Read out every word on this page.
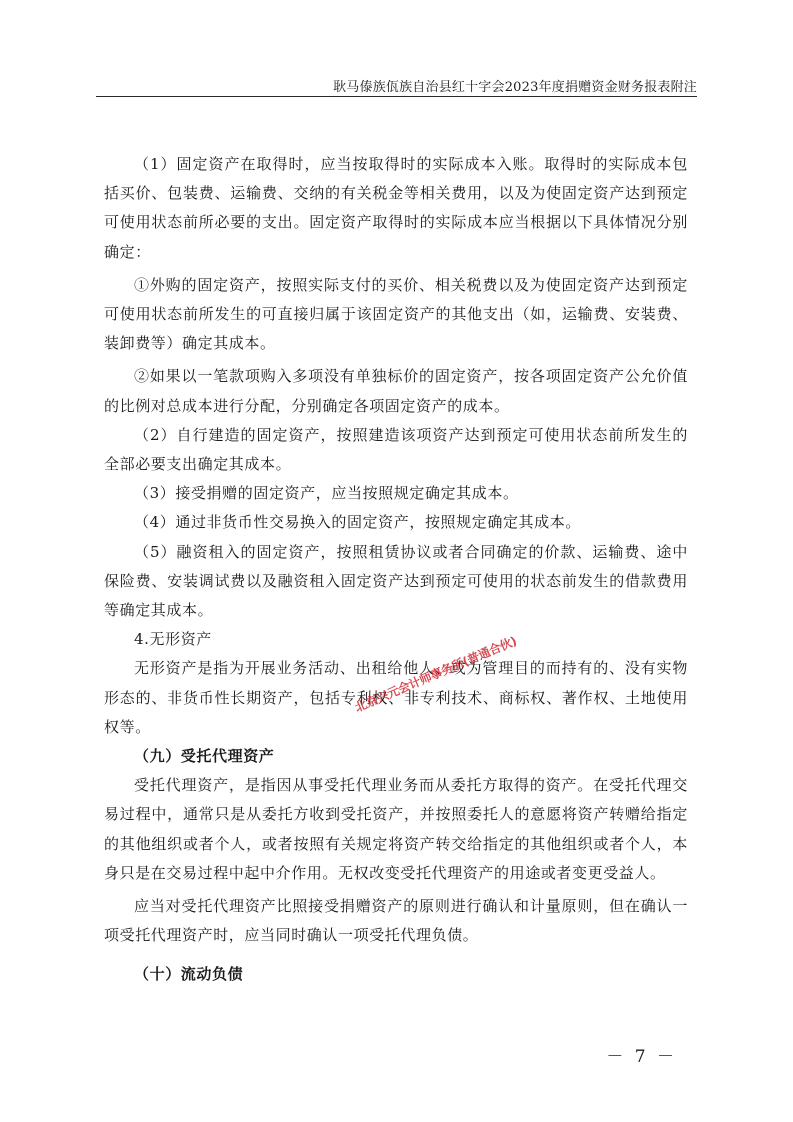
耿马傣族佤族自治县红十字会2023年度捐赠资金财务报表附注

（1）固定资产在取得时，应当按取得时的实际成本入账。取得时的实际成本包括买价、包装费、运输费、交纳的有关税金等相关费用，以及为使固定资产达到预定可使用状态前所必要的支出。固定资产取得时的实际成本应当根据以下具体情况分别确定：

①外购的固定资产，按照实际支付的买价、相关税费以及为使固定资产达到预定可使用状态前所发生的可直接归属于该固定资产的其他支出（如，运输费、安装费、装卸费等）确定其成本。

②如果以一笔款项购入多项没有单独标价的固定资产，按各项固定资产公允价值的比例对总成本进行分配，分别确定各项固定资产的成本。

（2）自行建造的固定资产，按照建造该项资产达到预定可使用状态前所发生的全部必要支出确定其成本。

（3）接受捐赠的固定资产，应当按照规定确定其成本。

（4）通过非货币性交易换入的固定资产，按照规定确定其成本。

（5）融资租入的固定资产，按照租赁协议或者合同确定的价款、运输费、途中保险费、安装调试费以及融资租入固定资产达到预定可使用的状态前发生的借款费用等确定其成本。

4.无形资产

无形资产是指为开展业务活动、出租给他人、或为管理目的而持有的、没有实物形态的、非货币性长期资产，包括专利权、非专利技术、商标权、著作权、土地使用权等。

（九）受托代理资产

受托代理资产，是指因从事受托代理业务而从委托方取得的资产。在受托代理交易过程中，通常只是从委托方收到受托资产，并按照委托人的意愿将资产转赠给指定的其他组织或者个人，或者按照有关规定将资产转交给指定的其他组织或者个人，本身只是在交易过程中起中介作用。无权改变受托代理资产的用途或者变更受益人。

应当对受托代理资产比照接受捐赠资产的原则进行确认和计量原则，但在确认一项受托代理资产时，应当同时确认一项受托代理负债。

（十）流动负债
北京兴元会计师事务所(普通合伙)
－ 7 －
